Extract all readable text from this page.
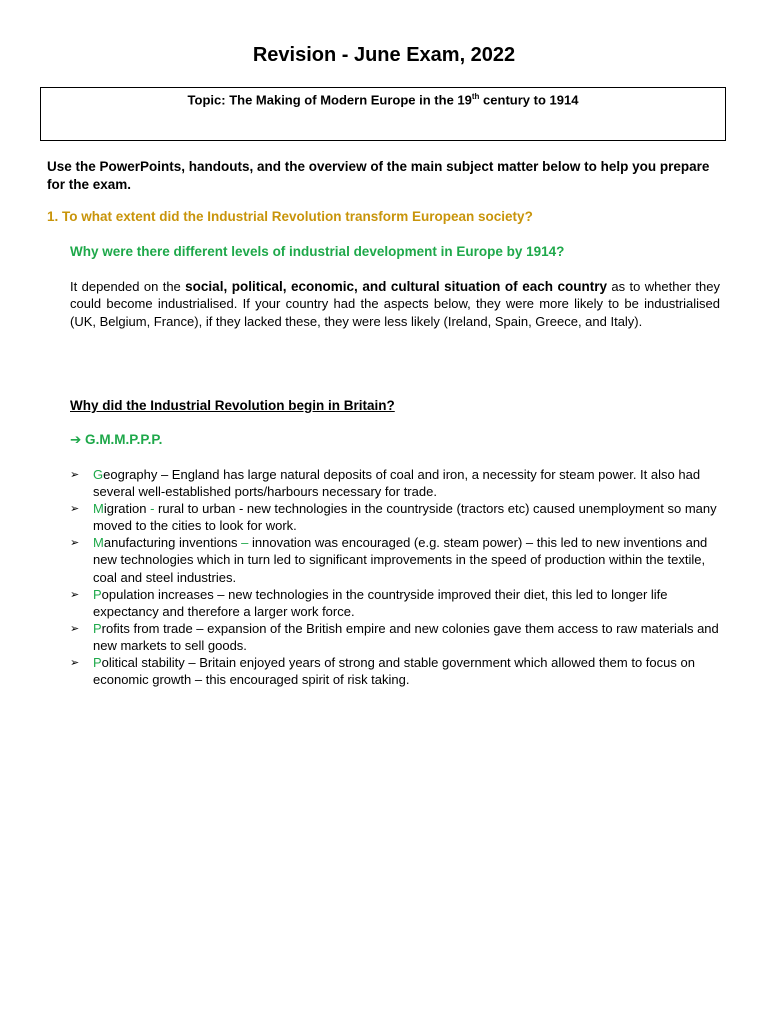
Revision - June Exam, 2022
Topic: The Making of Modern Europe in the 19th century to 1914
Use the PowerPoints, handouts, and the overview of the main subject matter below to help you prepare for the exam.
1. To what extent did the Industrial Revolution transform European society?
Why were there different levels of industrial development in Europe by 1914?
It depended on the social, political, economic, and cultural situation of each country as to whether they could become industrialised. If your country had the aspects below, they were more likely to be industrialised (UK, Belgium, France), if they lacked these, they were less likely (Ireland, Spain, Greece, and Italy).
Why did the Industrial Revolution begin in Britain?
➔ G.M.M.P.P.P.
➢ Geography – England has large natural deposits of coal and iron, a necessity for steam power. It also had several well-established ports/harbours necessary for trade.
➢ Migration - rural to urban - new technologies in the countryside (tractors etc) caused unemployment so many moved to the cities to look for work.
➢ Manufacturing inventions – innovation was encouraged (e.g. steam power) – this led to new inventions and new technologies which in turn led to significant improvements in the speed of production within the textile, coal and steel industries.
➢ Population increases – new technologies in the countryside improved their diet, this led to longer life expectancy and therefore a larger work force.
➢ Profits from trade – expansion of the British empire and new colonies gave them access to raw materials and new markets to sell goods.
➢ Political stability – Britain enjoyed years of strong and stable government which allowed them to focus on economic growth – this encouraged spirit of risk taking.
